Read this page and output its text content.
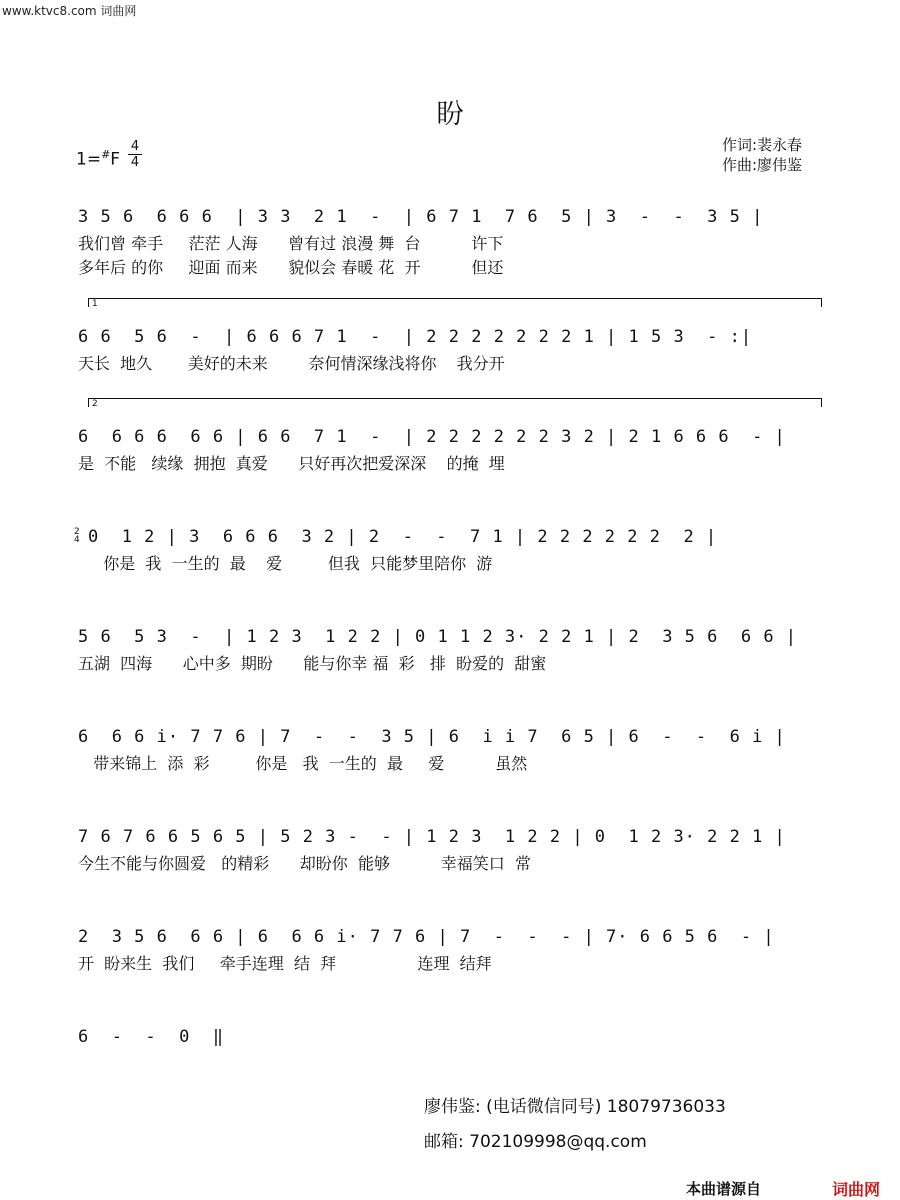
www.ktvc8.com 词曲网
盼
1=#F
4
4
作词:裴永春
作曲:廖伟鉴
3 5 6  6 6 6  | 3 3  2 1  -  | 6 7 1  7 6  5 | 3  -  -  3 5 |
我们曾 牵手     茫茫 人海      曾有过 浪漫 舞  台          许下
多年后 的你     迎面 而来      貌似会 春暖 花  开          但还
1
6 6  5 6  -  | 6 6 6 7 1  -  | 2 2 2 2 2 2 2 1 | 1 5 3  - :|
天长  地久       美好的未来        奈何情深缘浅将你    我分开
2
6  6 6 6  6 6 | 6 6  7 1  -  | 2 2 2 2 2 2 3 2 | 2 1 6 6 6  - |
是  不能   续缘  拥抱  真爱      只好再次把爱深深    的掩  埋
2
4 0  1 2 | 3  6 6 6  3 2 | 2  -  -  7 1 | 2 2 2 2 2 2  2 |
你是  我  一生的  最    爱         但我  只能梦里陪你  游
5 6  5 3  -  | 1 2 3  1 2 2 | 0 1 1 2 3· 2 2 1 | 2  3 5 6  6 6 |
五湖  四海      心中多  期盼      能与你幸 福  彩   排  盼爱的  甜蜜
6  6 6 i· 7 7 6 | 7  -  -  3 5 | 6  i i 7  6 5 | 6  -  -  6 i |
带来锦上  添  彩         你是   我  一生的  最     爱          虽然
7 6 7 6 6 5 6 5 | 5 2 3 -  - | 1 2 3  1 2 2 | 0  1 2 3· 2 2 1 |
今生不能与你圆爱   的精彩      却盼你  能够          幸福笑口  常
2  3 5 6  6 6 | 6  6 6 i· 7 7 6 | 7  -  -  - | 7· 6 6 5 6  - |
开  盼来生  我们     牵手连理  结  拜                连理  结拜
6  -  -  0  ‖
廖伟鉴: (电话微信同号) 18079736033
邮箱: 702109998@qq.com
本曲谱源自	词曲网
